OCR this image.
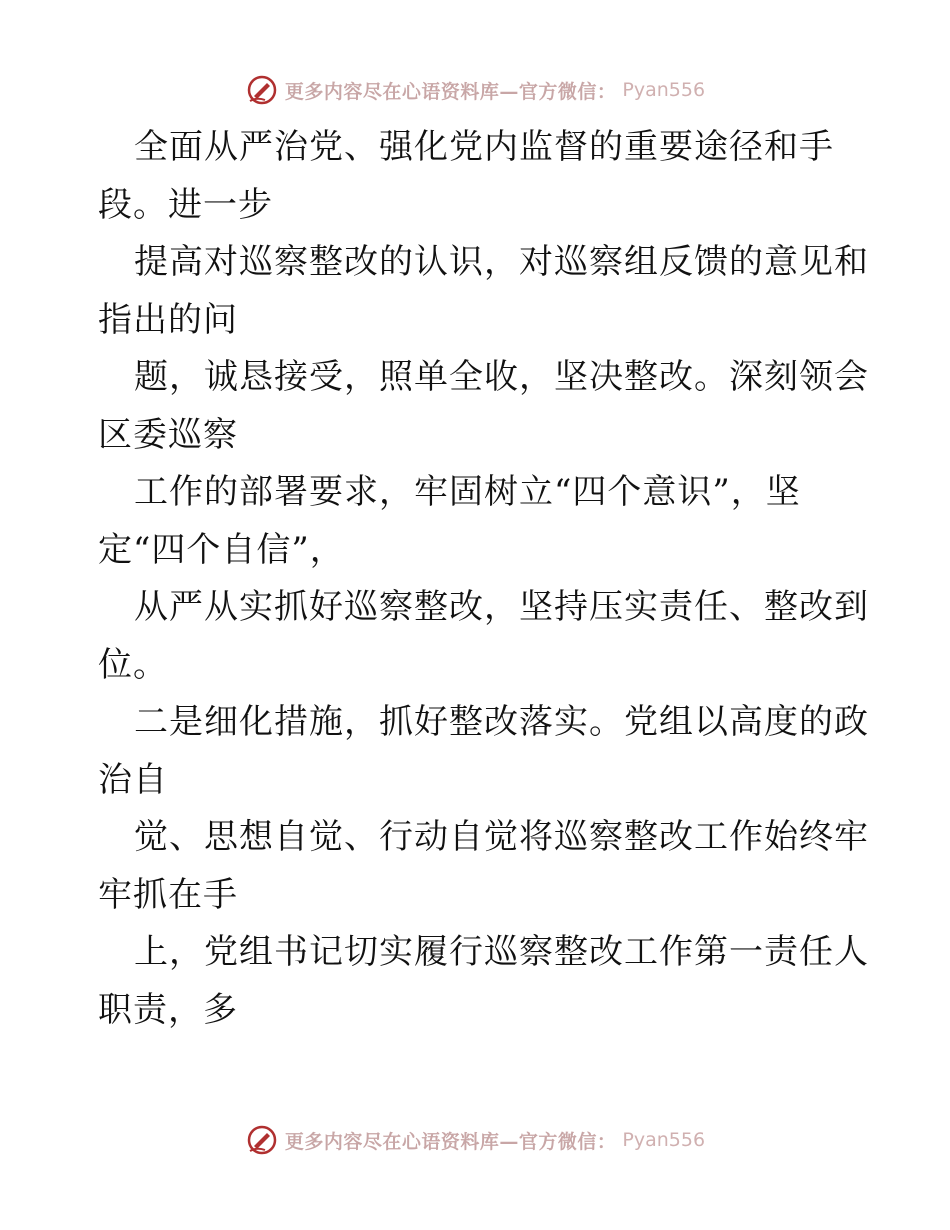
更多内容尽在心语资料库—官方微信： Pyan556
全面从严治党、强化党内监督的重要途径和手
段。进一步
提高对巡察整改的认识，对巡察组反馈的意见和
指出的问
题，诚恳接受，照单全收，坚决整改。深刻领会
区委巡察
工作的部署要求，牢固树立“四个意识”，坚
定“四个自信”，
从严从实抓好巡察整改，坚持压实责任、整改到
位。
二是细化措施，抓好整改落实。党组以高度的政
治自
觉、思想自觉、行动自觉将巡察整改工作始终牢
牢抓在手
上，党组书记切实履行巡察整改工作第一责任人
职责，多
更多内容尽在心语资料库—官方微信： Pyan556
